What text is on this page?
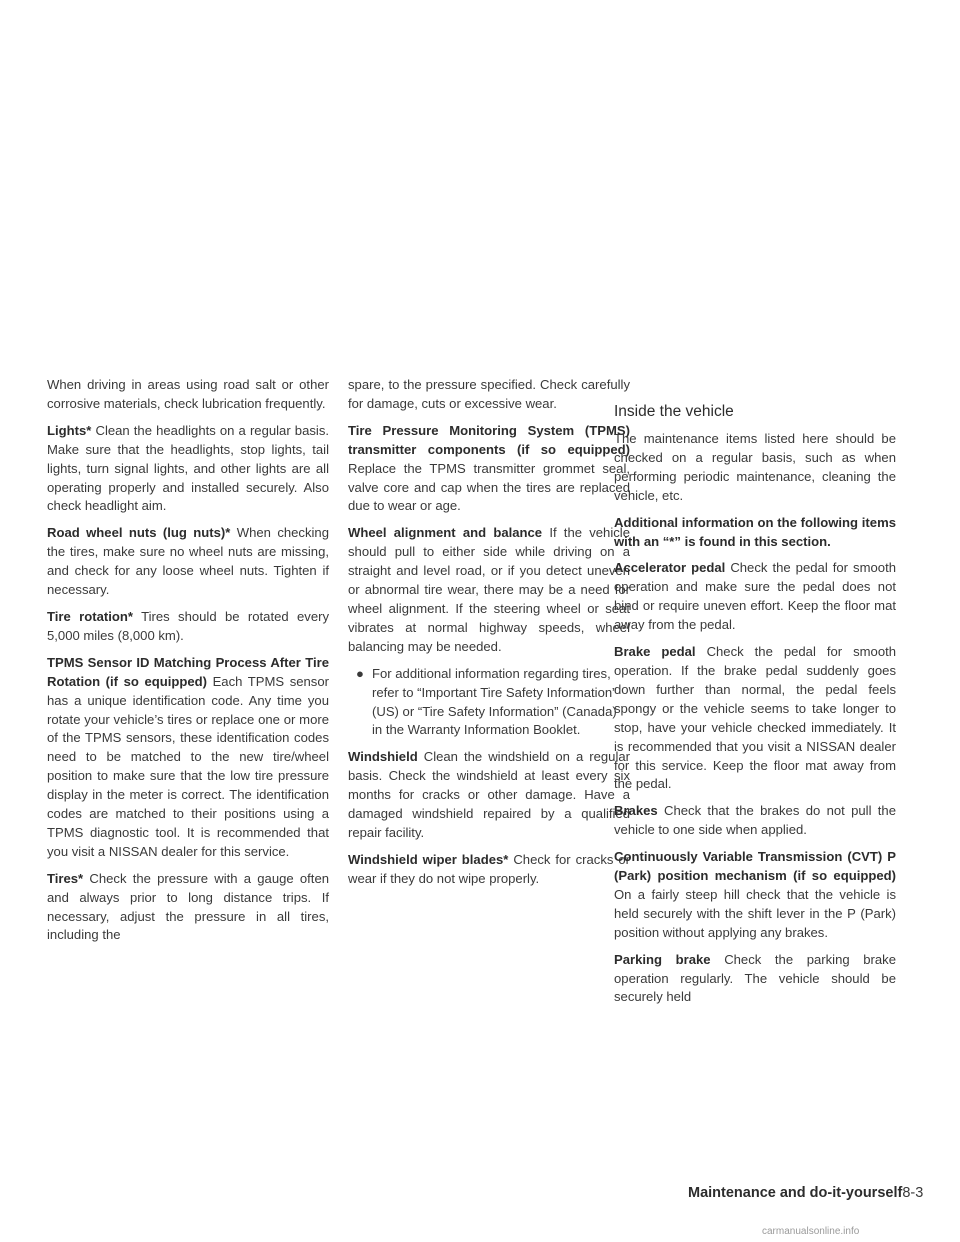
When driving in areas using road salt or other corrosive materials, check lubrication frequently.

Lights* Clean the headlights on a regular basis. Make sure that the headlights, stop lights, tail lights, turn signal lights, and other lights are all operating properly and installed securely. Also check headlight aim.

Road wheel nuts (lug nuts)* When checking the tires, make sure no wheel nuts are missing, and check for any loose wheel nuts. Tighten if necessary.

Tire rotation* Tires should be rotated every 5,000 miles (8,000 km).

TPMS Sensor ID Matching Process After Tire Rotation (if so equipped) Each TPMS sensor has a unique identification code. Any time you rotate your vehicle’s tires or replace one or more of the TPMS sensors, these identification codes need to be matched to the new tire/wheel position to make sure that the low tire pressure display in the meter is correct. The identification codes are matched to their positions using a TPMS diagnostic tool. It is recommended that you visit a NISSAN dealer for this service.

Tires* Check the pressure with a gauge often and always prior to long distance trips. If necessary, adjust the pressure in all tires, including the

spare, to the pressure specified. Check carefully for damage, cuts or excessive wear.

Tire Pressure Monitoring System (TPMS) transmitter components (if so equipped) Replace the TPMS transmitter grommet seal, valve core and cap when the tires are replaced due to wear or age.

Wheel alignment and balance If the vehicle should pull to either side while driving on a straight and level road, or if you detect uneven or abnormal tire wear, there may be a need for wheel alignment. If the steering wheel or seat vibrates at normal highway speeds, wheel balancing may be needed.

● For additional information regarding tires, refer to “Important Tire Safety Information” (US) or “Tire Safety Information” (Canada) in the Warranty Information Booklet.

Windshield Clean the windshield on a regular basis. Check the windshield at least every six months for cracks or other damage. Have a damaged windshield repaired by a qualified repair facility.

Windshield wiper blades* Check for cracks or wear if they do not wipe properly.

Inside the vehicle

The maintenance items listed here should be checked on a regular basis, such as when performing periodic maintenance, cleaning the vehicle, etc.

Additional information on the following items with an “*” is found in this section.

Accelerator pedal Check the pedal for smooth operation and make sure the pedal does not bind or require uneven effort. Keep the floor mat away from the pedal.

Brake pedal Check the pedal for smooth operation. If the brake pedal suddenly goes down further than normal, the pedal feels spongy or the vehicle seems to take longer to stop, have your vehicle checked immediately. It is recommended that you visit a NISSAN dealer for this service. Keep the floor mat away from the pedal.

Brakes Check that the brakes do not pull the vehicle to one side when applied.

Continuously Variable Transmission (CVT) P (Park) position mechanism (if so equipped) On a fairly steep hill check that the vehicle is held securely with the shift lever in the P (Park) position without applying any brakes.

Parking brake Check the parking brake operation regularly. The vehicle should be securely held

Maintenance and do-it-yourself8-3
carmanualsonline.info
